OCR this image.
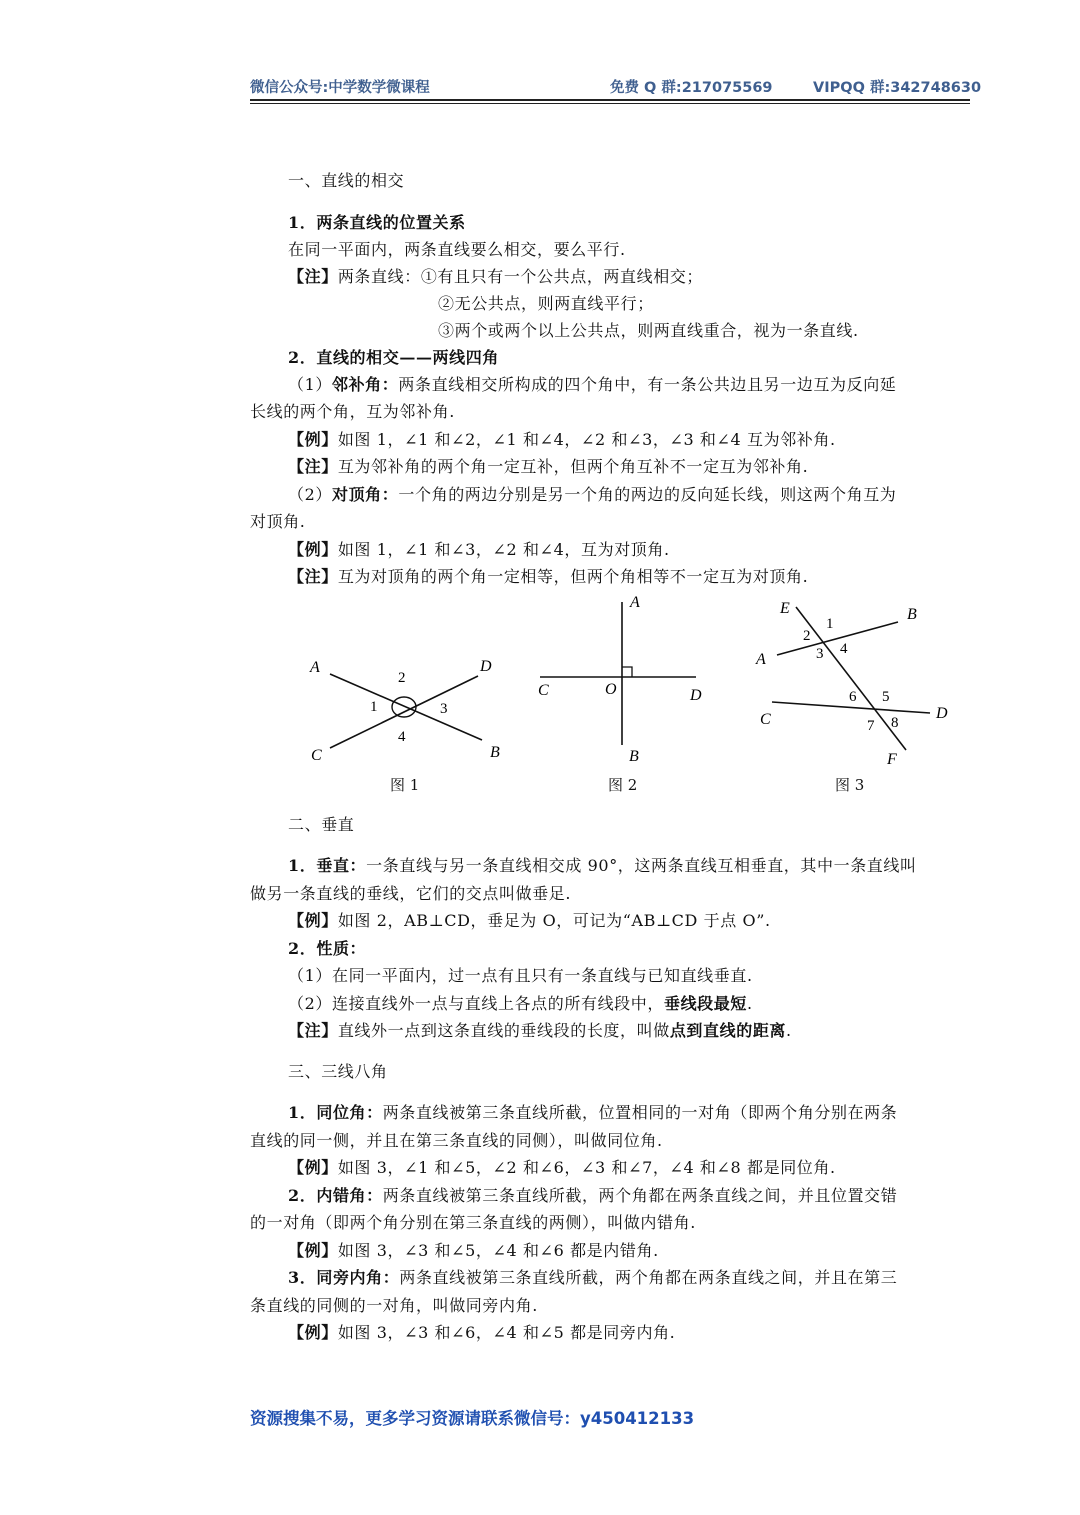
微信公众号:中学数学微课程	免费 Q 群:217075569	VIPQQ 群:342748630
一、直线的相交
1．两条直线的位置关系
在同一平面内，两条直线要么相交，要么平行.
【注】两条直线：①有且只有一个公共点，两直线相交；
②无公共点，则两直线平行；
③两个或两个以上公共点，则两直线重合，视为一条直线.
2．直线的相交——两线四角
（1）邻补角：两条直线相交所构成的四个角中，有一条公共边且另一边互为反向延
长线的两个角，互为邻补角.
【例】如图 1，∠1 和∠2，∠1 和∠4，∠2 和∠3，∠3 和∠4 互为邻补角.
【注】互为邻补角的两个角一定互补，但两个角互补不一定互为邻补角.
（2）对顶角：一个角的两边分别是另一个角的两边的反向延长线，则这两个角互为
对顶角.
【例】如图 1，∠1 和∠3，∠2 和∠4，互为对顶角.
【注】互为对顶角的两个角一定相等，但两个角相等不一定互为对顶角.
A	D
C	B
2
1	3
4
图 1
A
C	O	D
B
图 2
E	B
A
C	D
F
1
2
3 4
5
6
7 8
图 3
二、垂直
1．垂直：一条直线与另一条直线相交成 90°，这两条直线互相垂直，其中一条直线叫
做另一条直线的垂线，它们的交点叫做垂足.
【例】如图 2，AB⊥CD，垂足为 O，可记为“AB⊥CD 于点 O”.
2．性质：
（1）在同一平面内，过一点有且只有一条直线与已知直线垂直.
（2）连接直线外一点与直线上各点的所有线段中，垂线段最短.
【注】直线外一点到这条直线的垂线段的长度，叫做点到直线的距离.
三、三线八角
1．同位角：两条直线被第三条直线所截，位置相同的一对角（即两个角分别在两条
直线的同一侧，并且在第三条直线的同侧），叫做同位角.
【例】如图 3，∠1 和∠5，∠2 和∠6，∠3 和∠7，∠4 和∠8 都是同位角.
2．内错角：两条直线被第三条直线所截，两个角都在两条直线之间，并且位置交错
的一对角（即两个角分别在第三条直线的两侧），叫做内错角.
【例】如图 3，∠3 和∠5，∠4 和∠6 都是内错角.
3．同旁内角：两条直线被第三条直线所截，两个角都在两条直线之间，并且在第三
条直线的同侧的一对角，叫做同旁内角.
【例】如图 3，∠3 和∠6，∠4 和∠5 都是同旁内角.
资源搜集不易，更多学习资源请联系微信号：y450412133
